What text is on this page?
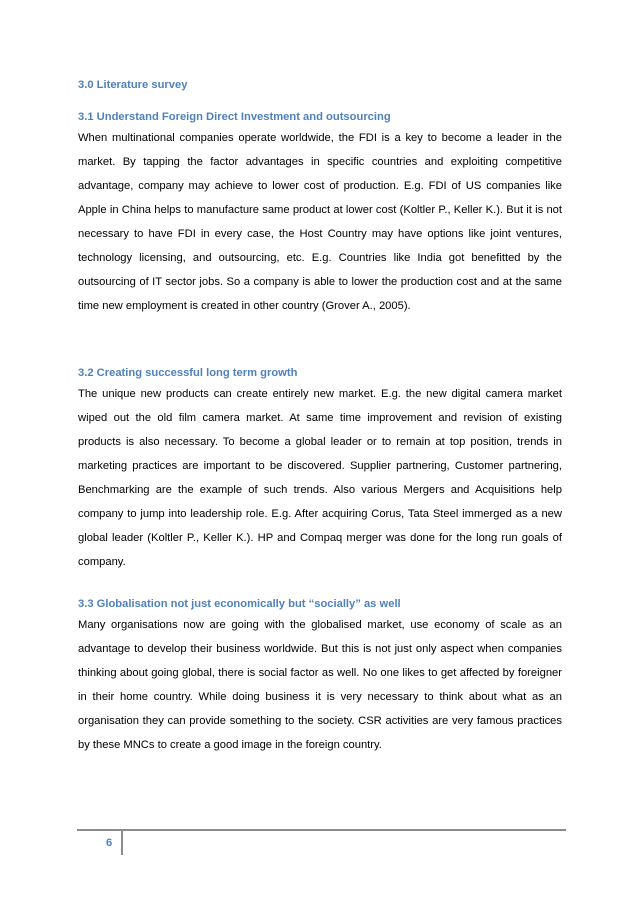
3.0 Literature survey
3.1 Understand Foreign Direct Investment and outsourcing

When multinational companies operate worldwide, the FDI is a key to become a leader in the market. By tapping the factor advantages in specific countries and exploiting competitive advantage, company may achieve to lower cost of production. E.g. FDI of US companies like Apple in China helps to manufacture same product at lower cost (Koltler P., Keller K.). But it is not necessary to have FDI in every case, the Host Country may have options like joint ventures, technology licensing, and outsourcing, etc. E.g. Countries like India got benefitted by the outsourcing of IT sector jobs. So a company is able to lower the production cost and at the same time new employment is created in other country (Grover A., 2005).

3.2 Creating successful long term growth

The unique new products can create entirely new market. E.g. the new digital camera market wiped out the old film camera market. At same time improvement and revision of existing products is also necessary. To become a global leader or to remain at top position, trends in marketing practices are important to be discovered. Supplier partnering, Customer partnering, Benchmarking are the example of such trends. Also various Mergers and Acquisitions help company to jump into leadership role. E.g. After acquiring Corus, Tata Steel immerged as a new global leader (Koltler P., Keller K.). HP and Compaq merger was done for the long run goals of company.

3.3 Globalisation not just economically but “socially” as well

Many organisations now are going with the globalised market, use economy of scale as an advantage to develop their business worldwide. But this is not just only aspect when companies thinking about going global, there is social factor as well. No one likes to get affected by foreigner in their home country. While doing business it is very necessary to think about what as an organisation they can provide something to the society. CSR activities are very famous practices by these MNCs to create a good image in the foreign country.

6
